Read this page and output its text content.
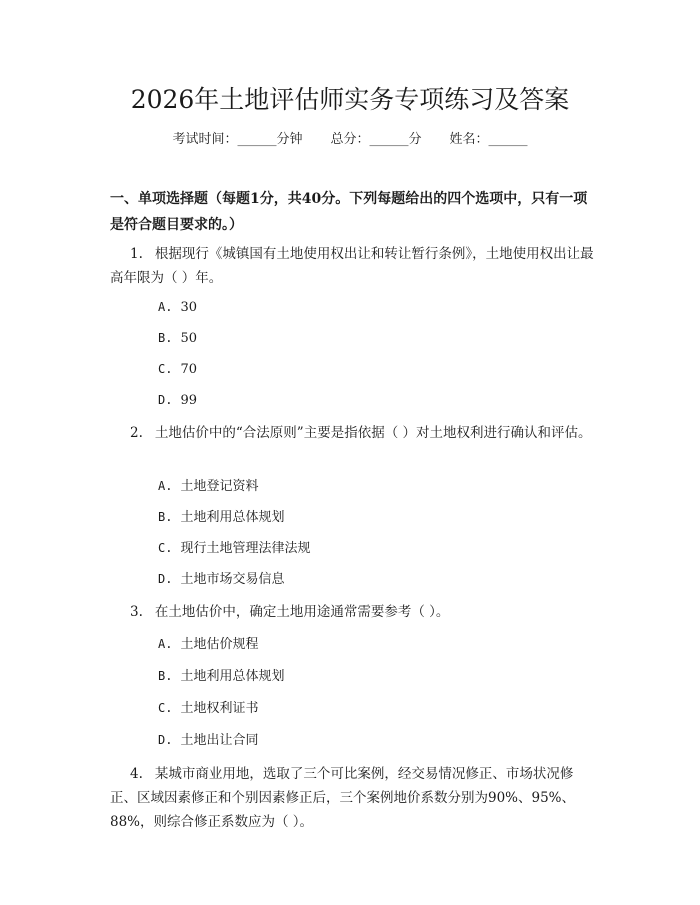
2026年土地评估师实务专项练习及答案
考试时间：______分钟 总分：______分 姓名：______
一、单项选择题（每题1分，共40分。下列每题给出的四个选项中，只有一项是符合题目要求的。）
1. 根据现行《城镇国有土地使用权出让和转让暂行条例》，土地使用权出让最高年限为（ ）年。
A. 30
B. 50
C. 70
D. 99
2. 土地估价中的“合法原则”主要是指依据（ ）对土地权利进行确认和评估。
A. 土地登记资料
B. 土地利用总体规划
C. 现行土地管理法律法规
D. 土地市场交易信息
3. 在土地估价中，确定土地用途通常需要参考（ ）。
A. 土地估价规程
B. 土地利用总体规划
C. 土地权利证书
D. 土地出让合同
4. 某城市商业用地，选取了三个可比案例，经交易情况修正、市场状况修正、区域因素修正和个别因素修正后，三个案例地价系数分别为90%、95%、88%，则综合修正系数应为（ ）。
